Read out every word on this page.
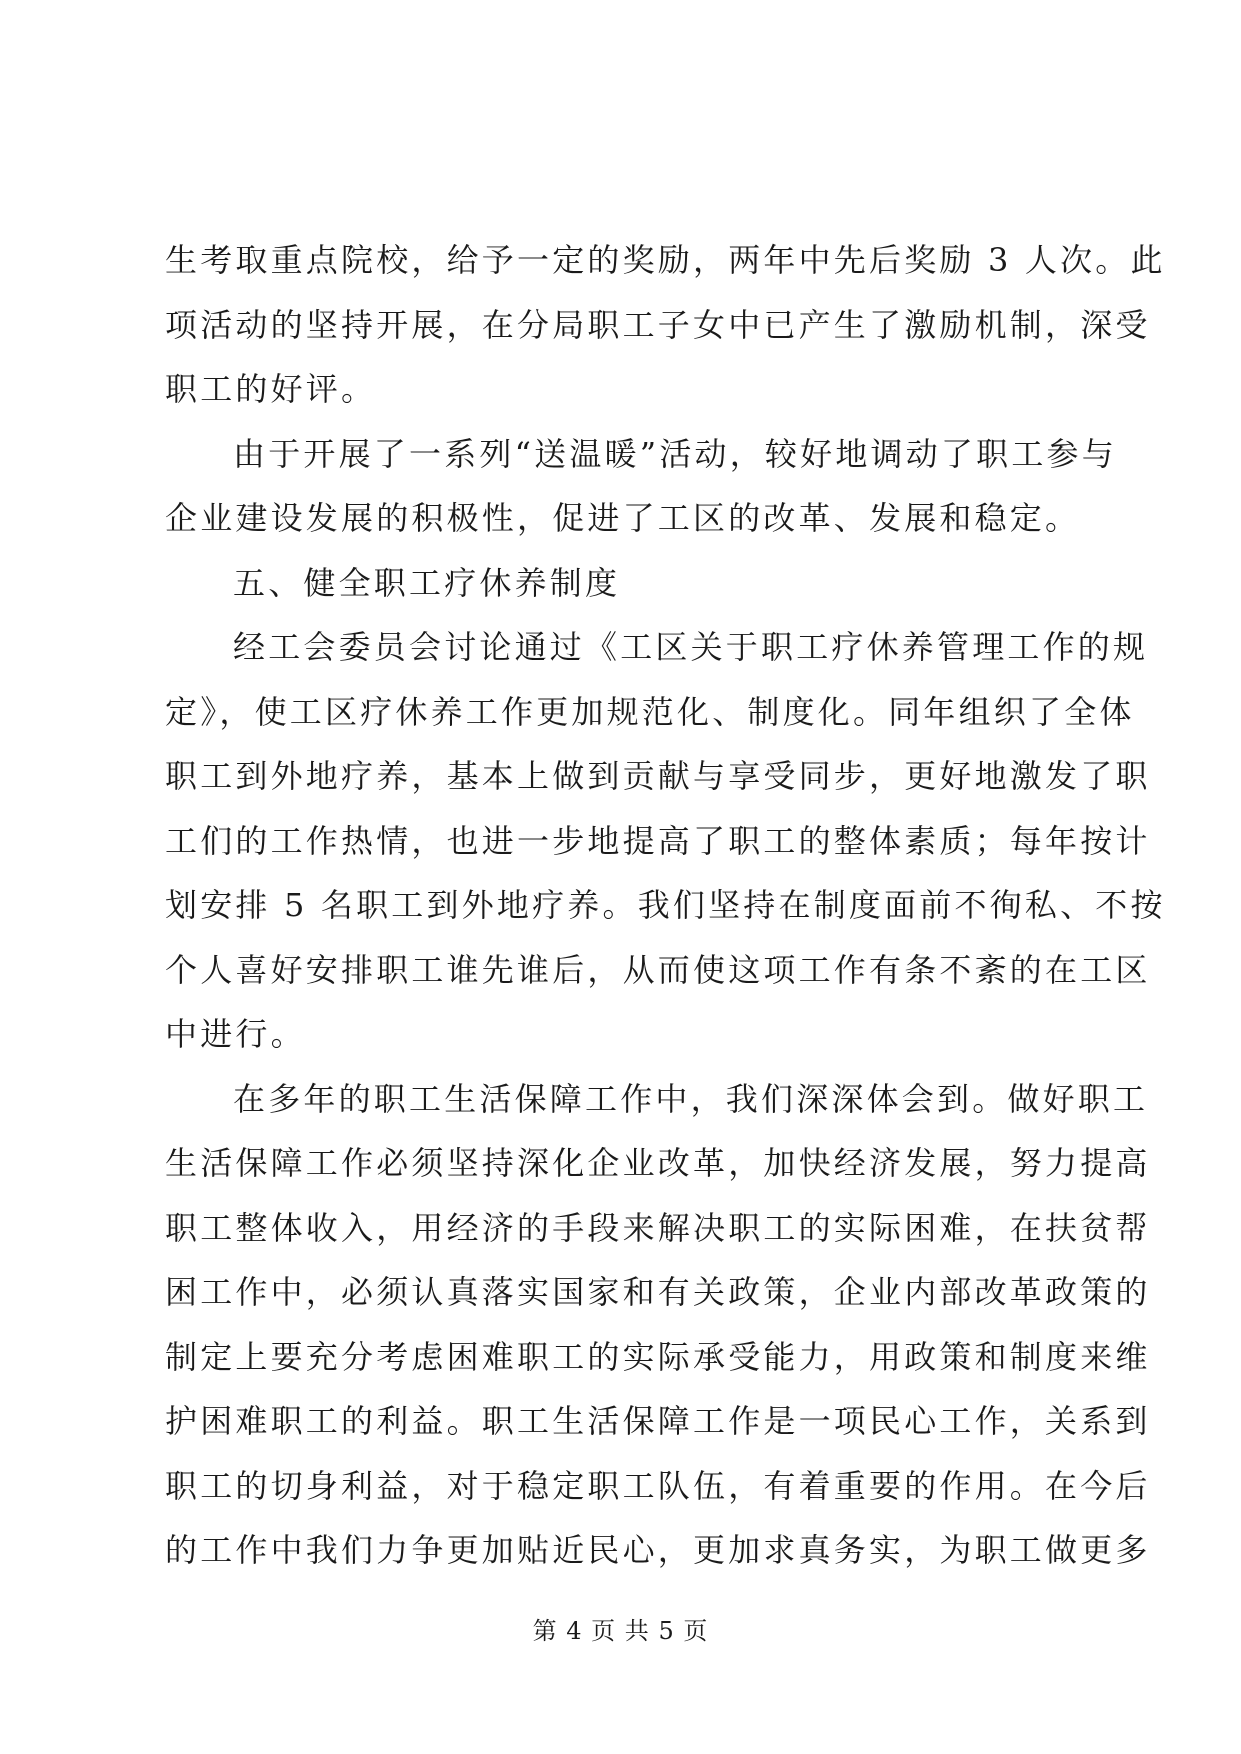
生考取重点院校，给予一定的奖励，两年中先后奖励 3 人次。此
项活动的坚持开展，在分局职工子女中已产生了激励机制，深受
职工的好评。
由于开展了一系列“送温暖”活动，较好地调动了职工参与
企业建设发展的积极性，促进了工区的改革、发展和稳定。
五、健全职工疗休养制度
经工会委员会讨论通过《工区关于职工疗休养管理工作的规
定》，使工区疗休养工作更加规范化、制度化。同年组织了全体
职工到外地疗养，基本上做到贡献与享受同步，更好地激发了职
工们的工作热情，也进一步地提高了职工的整体素质；每年按计
划安排 5 名职工到外地疗养。我们坚持在制度面前不徇私、不按
个人喜好安排职工谁先谁后，从而使这项工作有条不紊的在工区
中进行。
在多年的职工生活保障工作中，我们深深体会到。做好职工
生活保障工作必须坚持深化企业改革，加快经济发展，努力提高
职工整体收入，用经济的手段来解决职工的实际困难，在扶贫帮
困工作中，必须认真落实国家和有关政策，企业内部改革政策的
制定上要充分考虑困难职工的实际承受能力，用政策和制度来维
护困难职工的利益。职工生活保障工作是一项民心工作，关系到
职工的切身利益，对于稳定职工队伍，有着重要的作用。在今后
的工作中我们力争更加贴近民心，更加求真务实，为职工做更多
第 4 页 共 5 页
